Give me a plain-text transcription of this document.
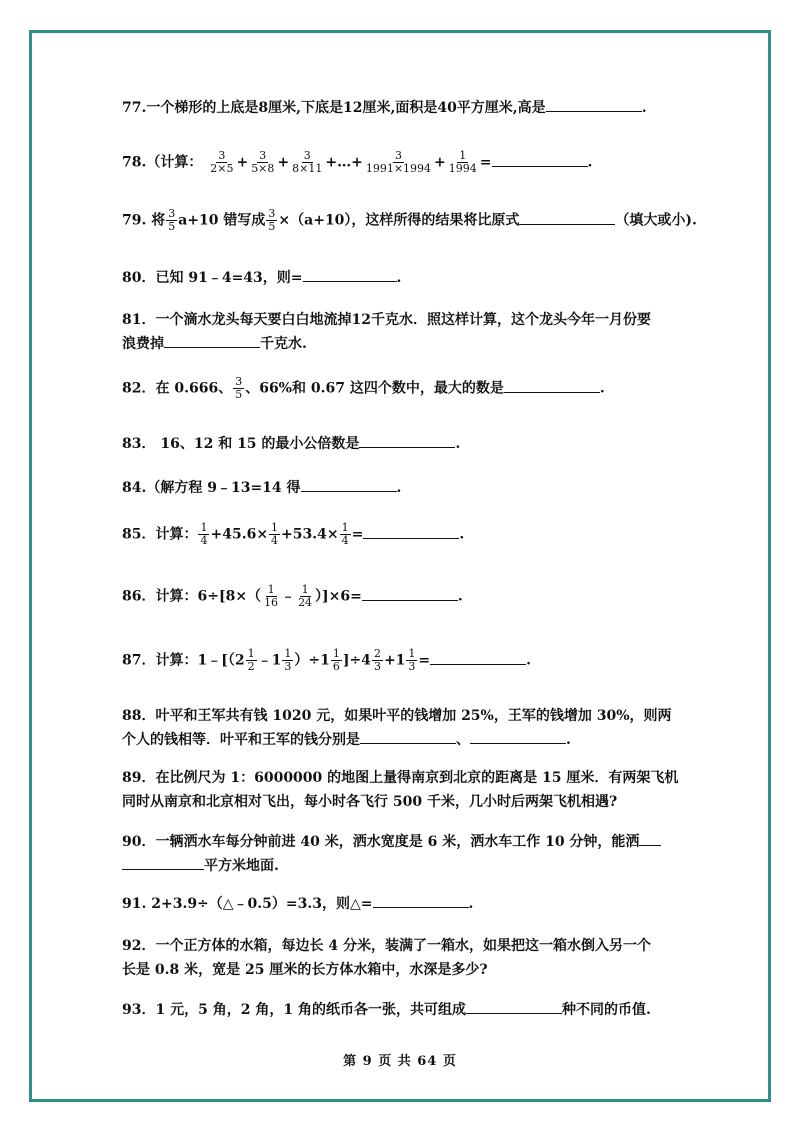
77.一个梯形的上底是8厘米,下底是12厘米,面积是40平方厘米,高是	.
78.（计算： $\frac{3}{2\times 5} + \frac{3}{5\times 8} + \frac{3}{8\times 11}$ +…+ $\frac{3}{1991\times 1994} + \frac{1}{1994}$ =	.
79. 将 $\frac{3}{5} a+10$ 错写成 $\frac{3}{5} \times(a+10)$，这样所得的结果将比原式	（填大或小).
80．已知 91﹣4=43，则=	.
81．一个滴水龙头每天要白白地流掉12千克水．照这样计算，这个龙头今年一月份要
浪费掉	千克水.
82．在 0.666、 $\frac{3}{5}$ 、66%和 0.67 这四个数中，最大的数是	.
83． 16、12 和 15 的最小公倍数是	.
84.（解方程 9﹣13=14 得	.
85．计算： $\frac{1}{4} +45.6\times \frac{1}{4} +53.4\times \frac{1}{4}$ =	.
86．计算：$6\div[8\times( \frac{1}{16}$ ﹣ $\frac{1}{24} )]\times 6=$	.
87．计算：1﹣[（2 $\frac{1}{2}$ ﹣1 $\frac{1}{3} )\div 1 \frac{1}{6} ]\div 4 \frac{2}{3} +1 \frac{1}{3}$ =	.
88．叶平和王军共有钱 1020 元，如果叶平的钱增加 25%，王军的钱增加 30%，则两
个人的钱相等．叶平和王军的钱分别是	、	.
89．在比例尺为 1：6000000 的地图上量得南京到北京的距离是 15 厘米．有两架飞机
同时从南京和北京相对飞出，每小时各飞行 500 千米，几小时后两架飞机相遇?
90．一辆洒水车每分钟前进 40 米，洒水宽度是 6 米，洒水车工作 10 分钟，能洒
平方米地面.
91. 2+3.9÷（△﹣0.5）=3.3，则△=	.
92．一个正方体的水箱，每边长 4 分米，装满了一箱水，如果把这一箱水倒入另一个
长是 0.8 米，宽是 25 厘米的长方体水箱中，水深是多少?
93．1 元，5 角，2 角，1 角的纸币各一张，共可组成	种不同的币值.
第 9 页 共 64 页
